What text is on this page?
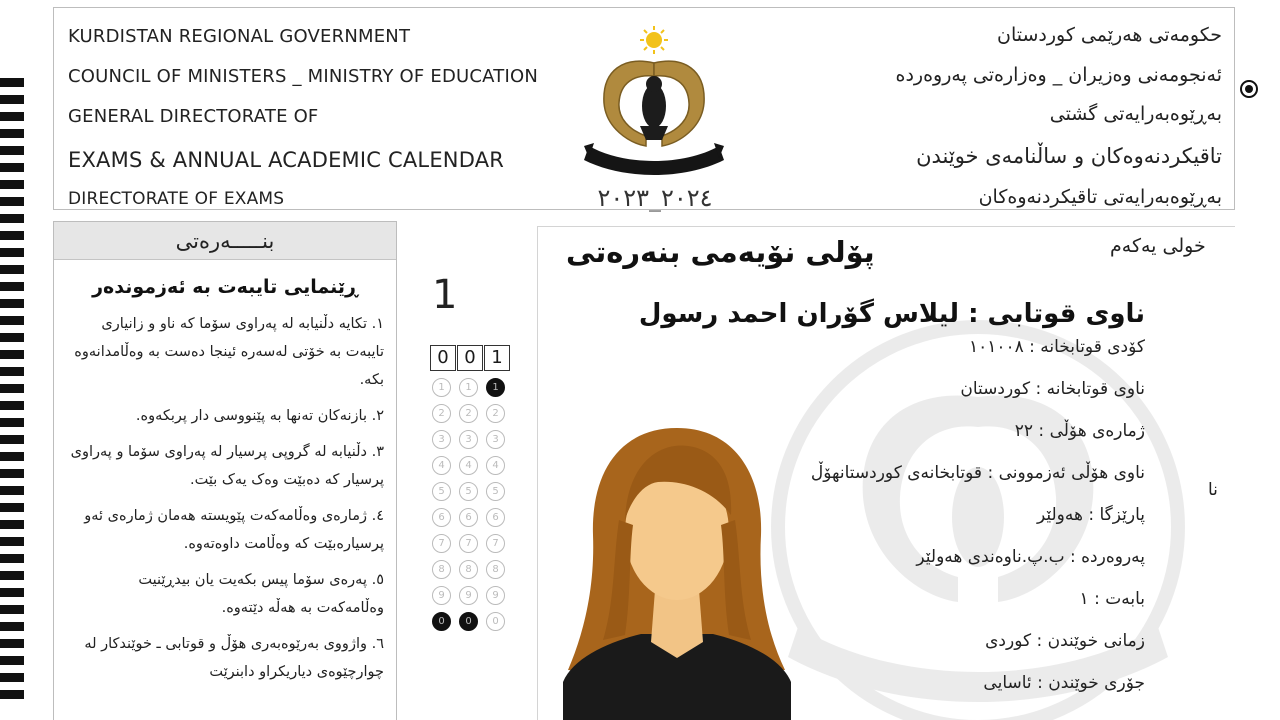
KURDISTAN REGIONAL GOVERNMENT
COUNCIL OF MINISTERS _ MINISTRY OF EDUCATION
GENERAL DIRECTORATE OF
EXAMS & ANNUAL ACADEMIC CALENDAR
DIRECTORATE OF EXAMS	٢٠٢٤_٢٠٢٣
حکومەتی هەرێمی کوردستان
ئەنجومەنی وەزیران _ وەزارەتی پەروەردە
بەڕێوەبەرایەتی گشتی
تاقیکردنەوەکان و ساڵنامەی خوێندن
بەڕێوەبەرایەتی تاقیکردنەوەکان
بنـــــەرەتی
ڕێنمایی تایبەت بە ئەزموندەر
١. تکایە دڵنیابە لە پەراوی سۆما کە ناو و زانیاری تایبەت بە خۆتی لەسەرە ئینجا دەست بە وەڵامدانەوە بکە.
٢. بازنەکان تەنها بە پێنووسی دار پربکەوە.
٣. دڵنیابە لە گروپی پرسیار لە پەراوی سۆما و پەراوی پرسیار کە دەبێت وەک یەک بێت.
٤. ژمارەی وەڵامەکەت پێویستە هەمان ژمارەی ئەو پرسیارەبێت کە وەڵامت داوەتەوە.
٥. پەرەی سۆما پیس بکەیت یان بیدڕێنیت وەڵامەکەت بە هەڵە دێتەوە.
٦. واژووی بەرێوەبەری هۆڵ و قوتابی ـ خوێندکار لە چوارچێوەی دیاریکراو دابنرێت
1
0 0 1
1	1	1
2	2	2
3	3	3
4	4	4
5	5	5
6	6	6
7	7	7
8	8	8
9	9	9
0	0	0
پۆلی نۆیەمی بنەرەتی
ناوی قوتابی : لیلاس گۆران احمد رسول
کۆدی قوتابخانە : ١٠١٠٠٨
ناوی قوتابخانە : کوردستان
ژمارەی هۆڵی : ٢٢
ناوی هۆڵی ئەزموونی : قوتابخانەی کوردستانهۆڵ
پارێزگا : هەولێر
پەروەردە : ب.پ.ناوەندی هەولێر
بابەت : ١
زمانی خوێندن : کوردی
جۆری خوێندن : ئاسایی
خولی یەکەم
نا
